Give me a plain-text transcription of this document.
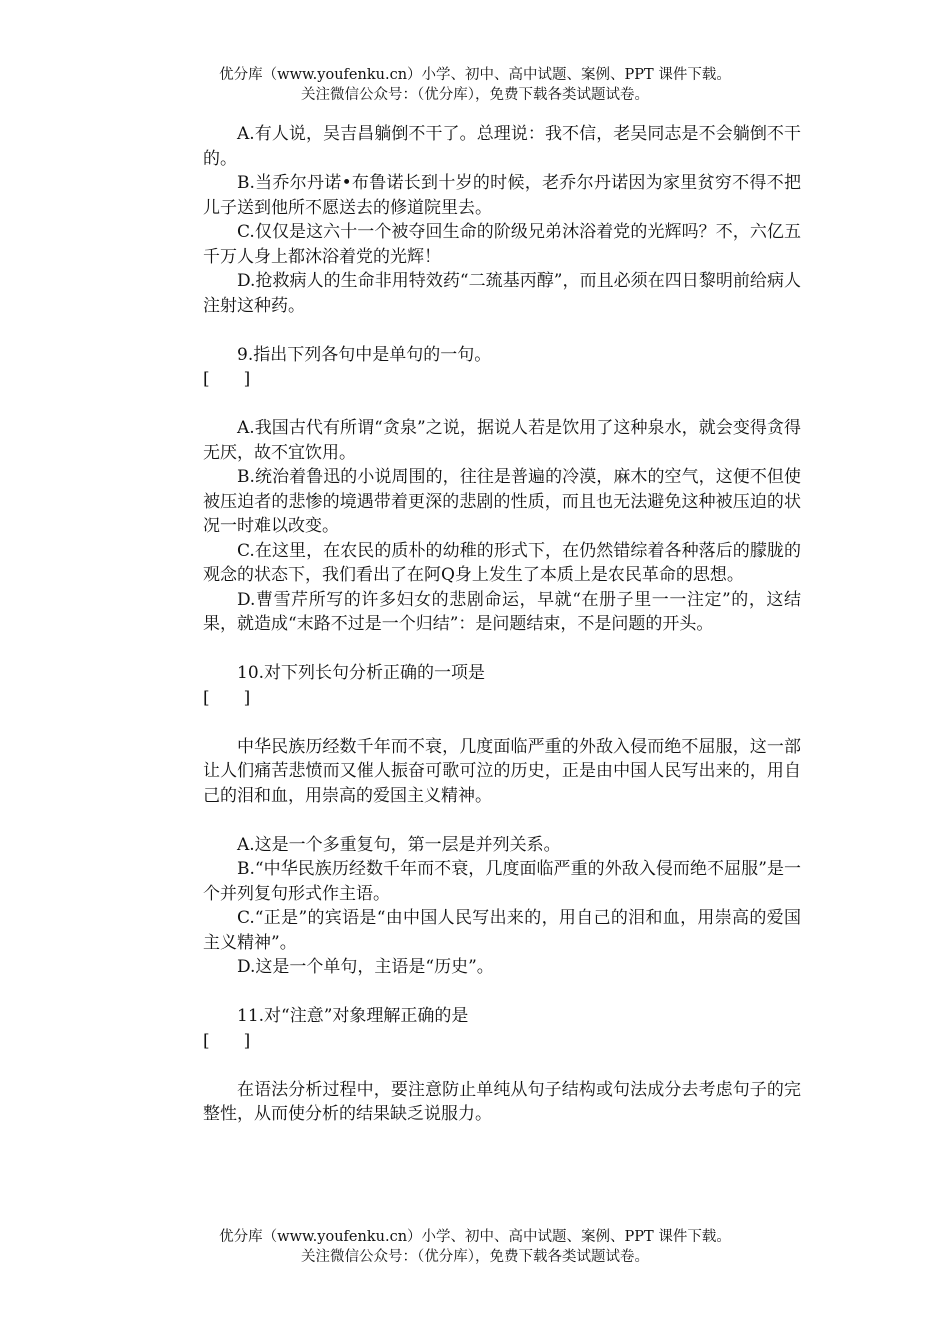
优分库（www.youfenku.cn）小学、初中、高中试题、案例、PPT 课件下载。
关注微信公众号：（优分库），免费下载各类试题试卷。

A.有人说，吴吉昌躺倒不干了。总理说：我不信，老吴同志是不会躺倒不干的。

B.当乔尔丹诺•布鲁诺长到十岁的时候，老乔尔丹诺因为家里贫穷不得不把儿子送到他所不愿送去的修道院里去。

C.仅仅是这六十一个被夺回生命的阶级兄弟沐浴着党的光辉吗？不，六亿五千万人身上都沐浴着党的光辉！

D.抢救病人的生命非用特效药“二巯基丙醇”，而且必须在四日黎明前给病人注射这种药。

9.指出下列各句中是单句的一句。

[　　]

A.我国古代有所谓“贪泉”之说，据说人若是饮用了这种泉水，就会变得贪得无厌，故不宜饮用。

B.统治着鲁迅的小说周围的，往往是普遍的冷漠，麻木的空气，这便不但使被压迫者的悲惨的境遇带着更深的悲剧的性质，而且也无法避免这种被压迫的状况一时难以改变。

C.在这里，在农民的质朴的幼稚的形式下，在仍然错综着各种落后的朦胧的观念的状态下，我们看出了在阿Q身上发生了本质上是农民革命的思想。

D.曹雪芹所写的许多妇女的悲剧命运，早就“在册子里一一注定”的，这结果，就造成“末路不过是一个归结”：是问题结束，不是问题的开头。

10.对下列长句分析正确的一项是

[　　]

中华民族历经数千年而不衰，几度面临严重的外敌入侵而绝不屈服，这一部让人们痛苦悲愤而又催人振奋可歌可泣的历史，正是由中国人民写出来的，用自己的泪和血，用崇高的爱国主义精神。

A.这是一个多重复句，第一层是并列关系。

B.“中华民族历经数千年而不衰，几度面临严重的外敌入侵而绝不屈服”是一个并列复句形式作主语。

C.“正是”的宾语是“由中国人民写出来的，用自己的泪和血，用崇高的爱国主义精神”。

D.这是一个单句，主语是“历史”。

11.对“注意”对象理解正确的是

[　　]

在语法分析过程中，要注意防止单纯从句子结构或句法成分去考虑句子的完整性，从而使分析的结果缺乏说服力。

优分库（www.youfenku.cn）小学、初中、高中试题、案例、PPT 课件下载。
关注微信公众号：（优分库），免费下载各类试题试卷。
